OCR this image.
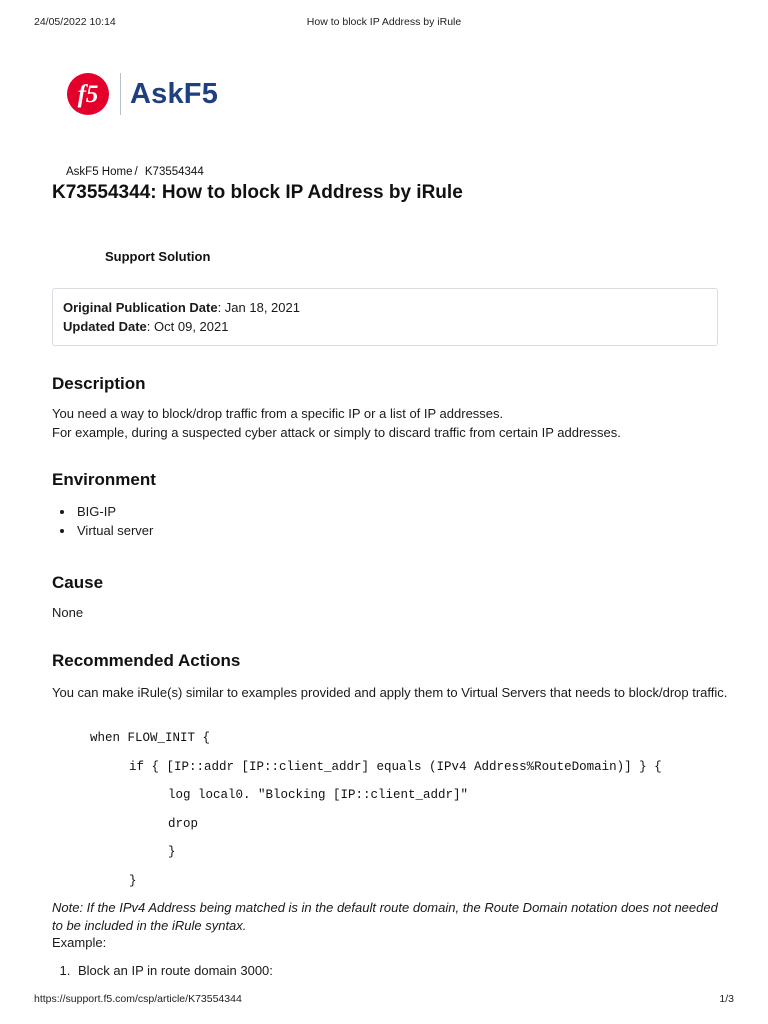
24/05/2022 10:14	How to block IP Address by iRule
f5 AskF5
AskF5 Home / K73554344
K73554344: How to block IP Address by iRule
Support Solution
Original Publication Date: Jan 18, 2021
Updated Date: Oct 09, 2021
Description
You need a way to block/drop traffic from a specific IP or a list of IP addresses.
For example, during a suspected cyber attack or simply to discard traffic from certain IP addresses.
Environment
• BIG-IP
• Virtual server
Cause
None
Recommended Actions
You can make iRule(s) similar to examples provided and apply them to Virtual Servers that needs to block/drop traffic.
when FLOW_INIT {
if { [IP::addr [IP::client_addr] equals (IPv4 Address%RouteDomain)] } {
log local0. "Blocking [IP::client_addr]"
drop
}
}
Note: If the IPv4 Address being matched is in the default route domain, the Route Domain notation does not needed to be included in the iRule syntax.
Example:
1. Block an IP in route domain 3000:
https://support.f5.com/csp/article/K73554344	1/3
